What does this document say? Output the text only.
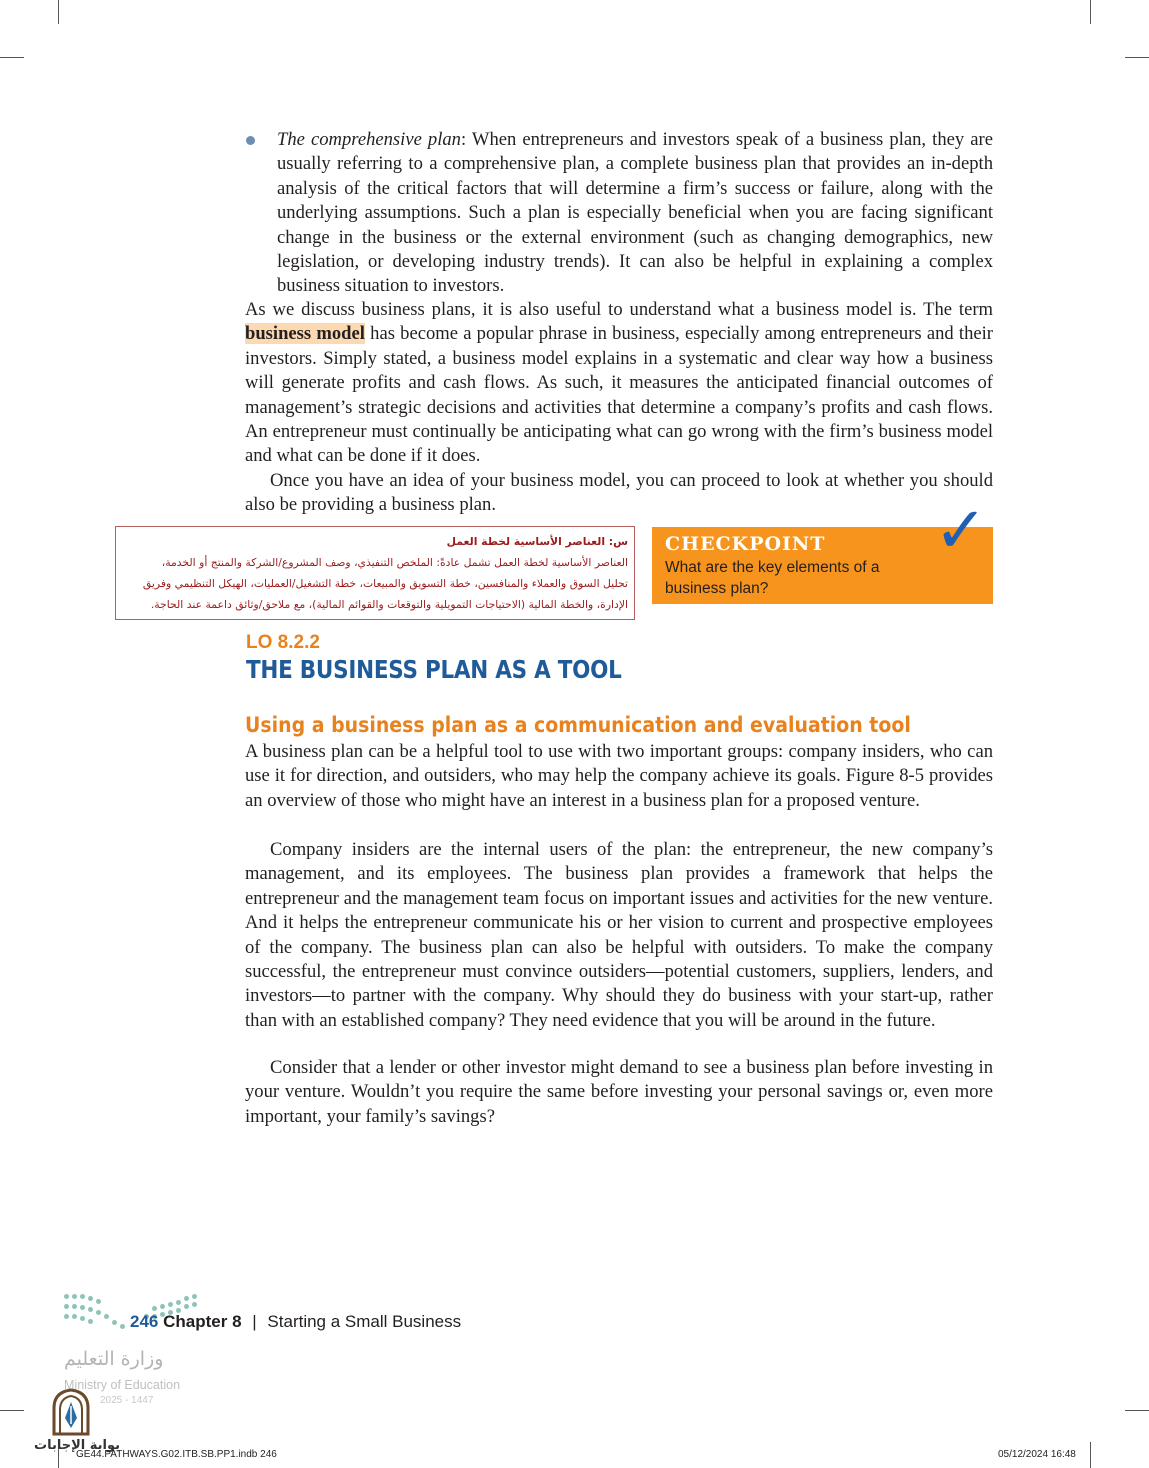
The comprehensive plan: When entrepreneurs and investors speak of a business plan, they are usually referring to a comprehensive plan, a complete business plan that provides an in-depth analysis of the critical factors that will determine a firm’s success or failure, along with the underlying assumptions. Such a plan is especially beneficial when you are facing significant change in the business or the external environment (such as changing demographics, new legislation, or developing industry trends). It can also be helpful in explaining a complex business situation to investors.

As we discuss business plans, it is also useful to understand what a business model is. The term business model has become a popular phrase in business, especially among entrepreneurs and their investors. Simply stated, a business model explains in a systematic and clear way how a business will generate profits and cash flows. As such, it measures the anticipated financial outcomes of management’s strategic decisions and activities that determine a company’s profits and cash flows. An entrepreneur must continually be anticipating what can go wrong with the firm’s business model and what can be done if it does.

Once you have an idea of your business model, you can proceed to look at whether you should also be providing a business plan.

س: العناصر الأساسية لخطة العمل
العناصر الأساسية لخطة العمل تشمل عادةً: الملخص التنفيذي، وصف المشروع/الشركة والمنتج أو الخدمة،
تحليل السوق والعملاء والمنافسين، خطة التسويق والمبيعات، خطة التشغيل/العمليات، الهيكل التنظيمي وفريق
الإدارة، والخطة المالية (الاحتياجات التمويلية والتوقعات والقوائم المالية)، مع ملاحق/وثائق داعمة عند الحاجة.
CHECKPOINT
What are the key elements of a business plan?
✓
LO 8.2.2
THE BUSINESS PLAN AS A TOOL
Using a business plan as a communication and evaluation tool

A business plan can be a helpful tool to use with two important groups: company insiders, who can use it for direction, and outsiders, who may help the company achieve its goals. Figure 8-5 provides an overview of those who might have an interest in a business plan for a proposed venture.

Company insiders are the internal users of the plan: the entrepreneur, the new company’s management, and its employees. The business plan provides a framework that helps the entrepreneur and the management team focus on important issues and activities for the new venture. And it helps the entrepreneur communicate his or her vision to current and prospective employees of the company. The business plan can also be helpful with outsiders. To make the company successful, the entrepreneur must convince outsiders—potential customers, suppliers, lenders, and investors—to partner with the company. Why should they do business with your start-up, rather than with an established company? They need evidence that you will be around in the future.

Consider that a lender or other investor might demand to see a business plan before investing in your venture. Wouldn’t you require the same before investing your personal savings or, even more important, your family’s savings?

246 Chapter 8 | Starting a Small Business
وزارة التعليم
Ministry of Education
2025 - 1447
بوابة الإجابات
GE44.PATHWAYS.G02.ITB.SB.PP1.indb 246	05/12/2024 16:48
